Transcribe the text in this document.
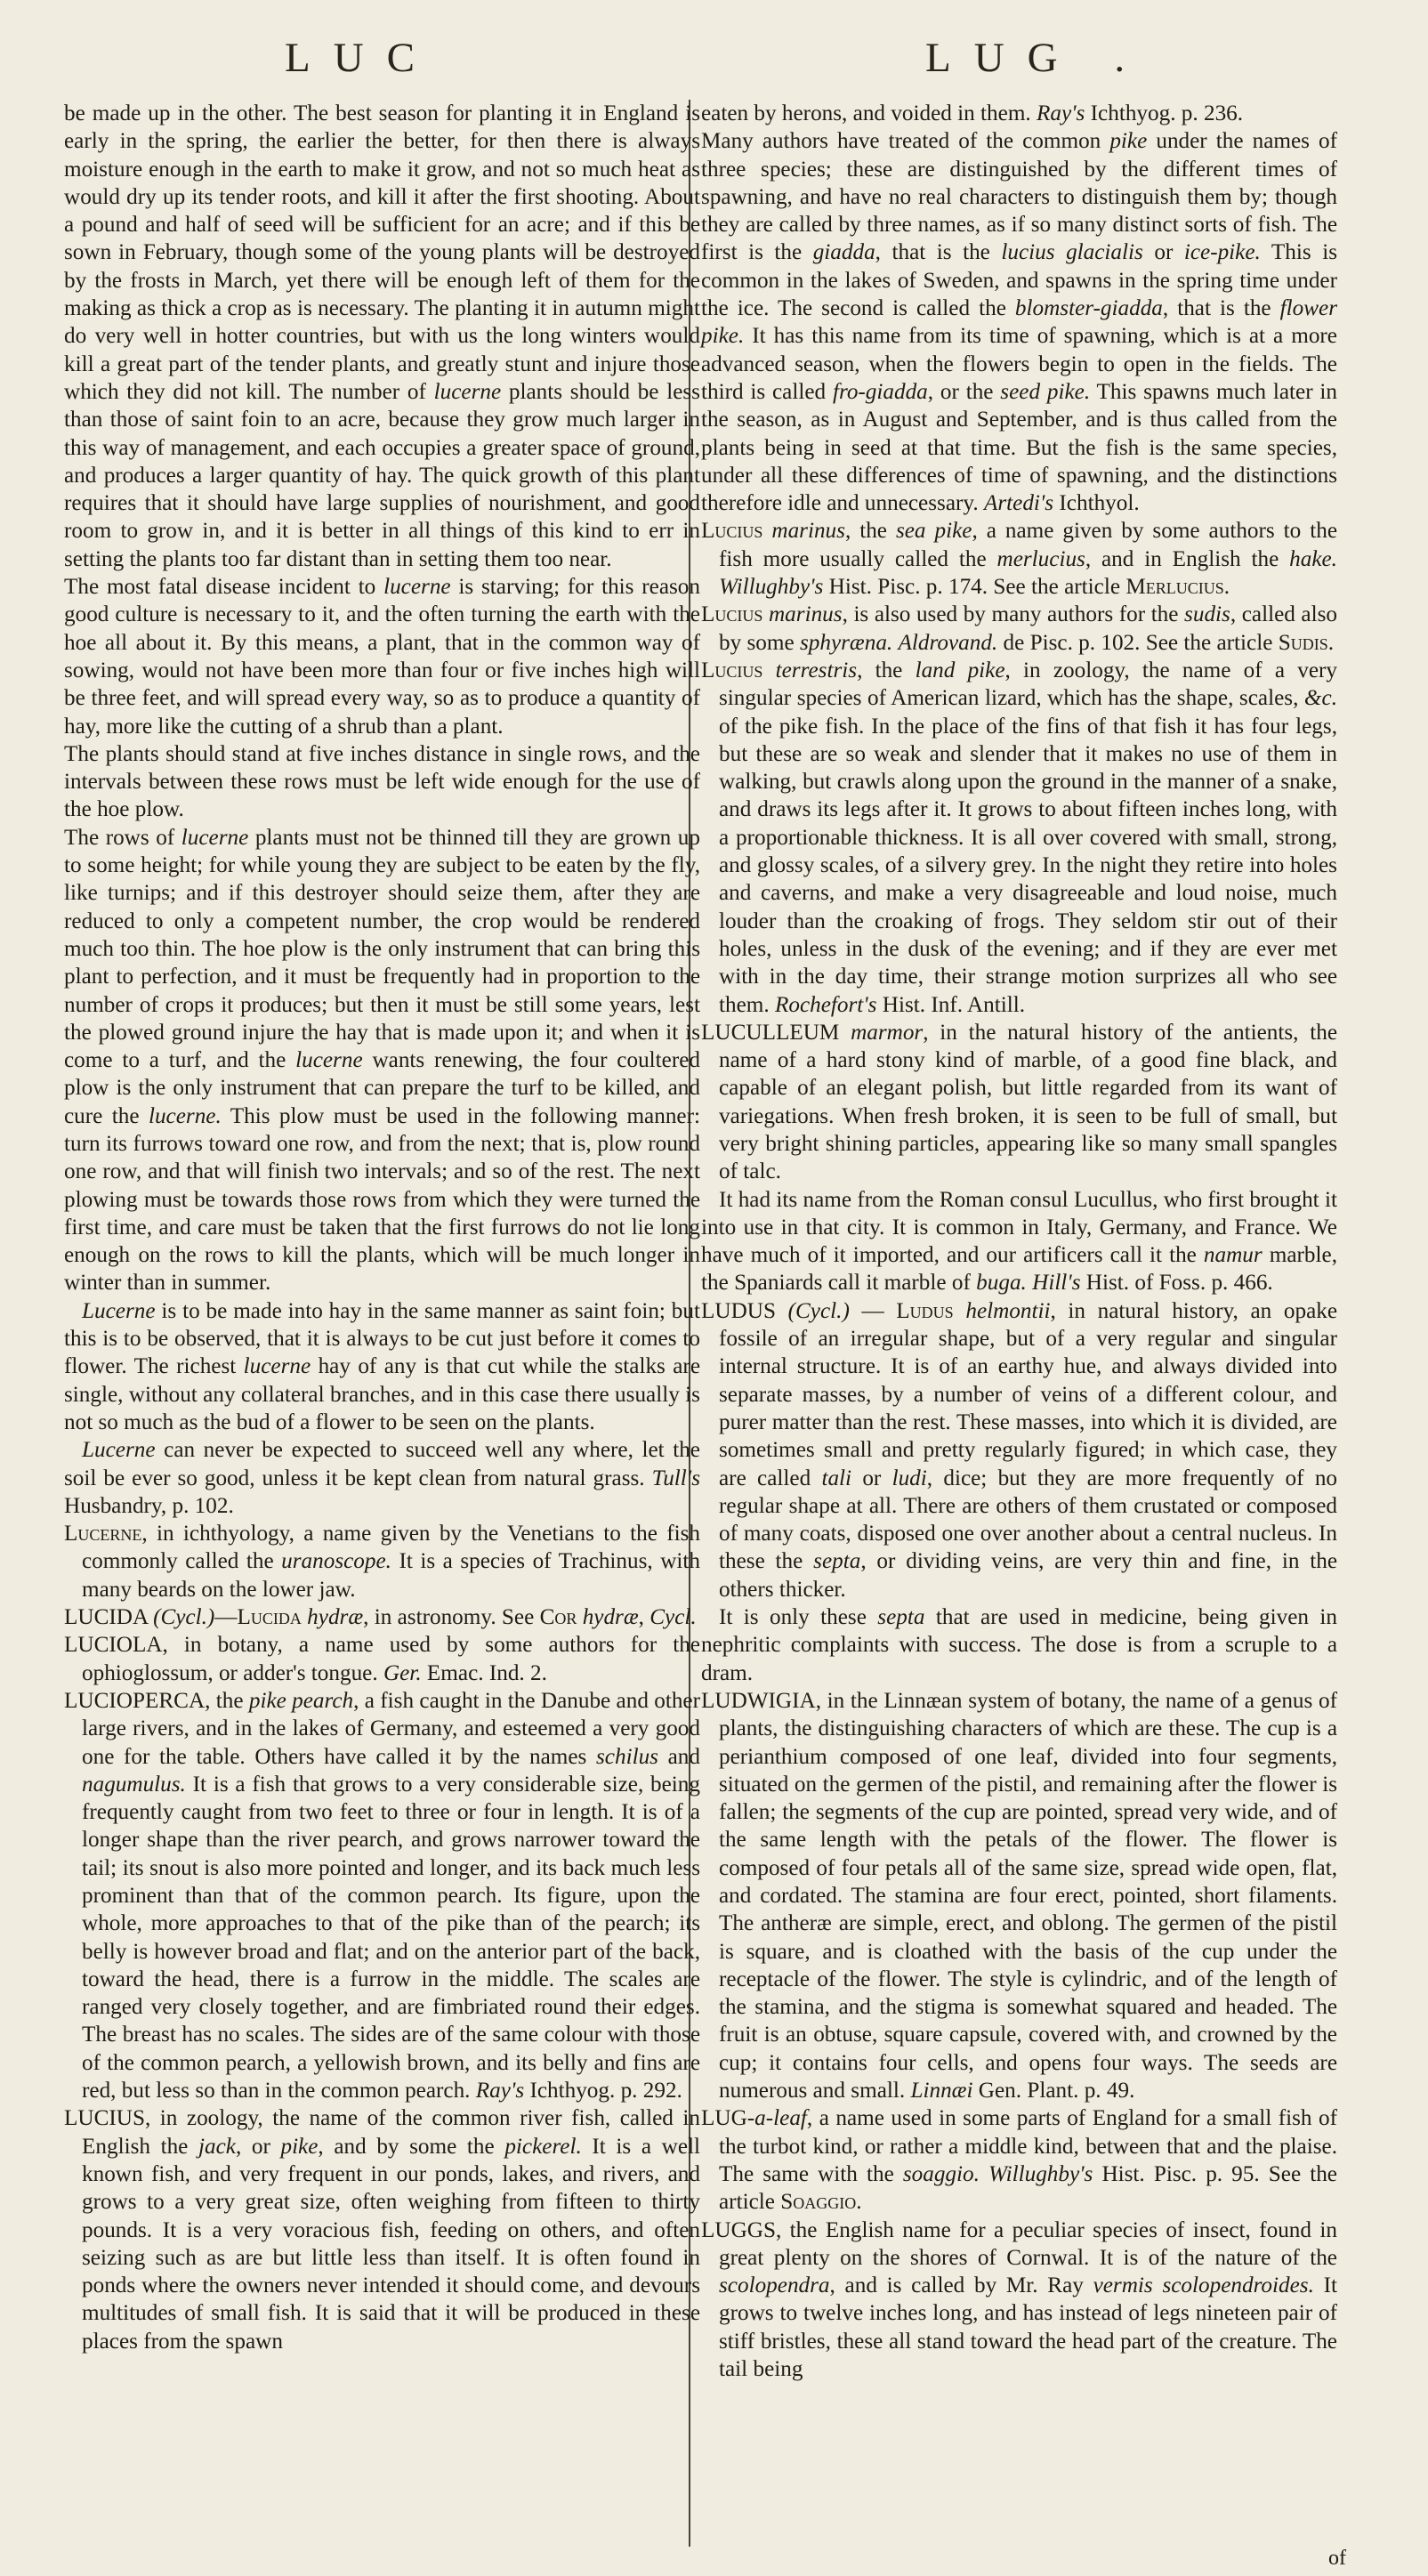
LUC	LUG .

be made up in the other. The best season for planting it in England is early in the spring, the earlier the better, for then there is always moisture enough in the earth to make it grow, and not so much heat as would dry up its tender roots, and kill it after the first shooting. About a pound and half of seed will be sufficient for an acre; and if this be sown in February, though some of the young plants will be destroyed by the frosts in March, yet there will be enough left of them for the making as thick a crop as is necessary. The planting it in autumn might do very well in hotter countries, but with us the long winters would kill a great part of the tender plants, and greatly stunt and injure those which they did not kill. The number of lucerne plants should be less than those of saint foin to an acre, because they grow much larger in this way of management, and each occupies a greater space of ground, and produces a larger quantity of hay. The quick growth of this plant requires that it should have large supplies of nourishment, and good room to grow in, and it is better in all things of this kind to err in setting the plants too far distant than in setting them too near.

The most fatal disease incident to lucerne is starving; for this reason good culture is necessary to it, and the often turning the earth with the hoe all about it. By this means, a plant, that in the common way of sowing, would not have been more than four or five inches high will be three feet, and will spread every way, so as to produce a quantity of hay, more like the cutting of a shrub than a plant.

The plants should stand at five inches distance in single rows, and the intervals between these rows must be left wide enough for the use of the hoe plow.

The rows of lucerne plants must not be thinned till they are grown up to some height; for while young they are subject to be eaten by the fly, like turnips; and if this destroyer should seize them, after they are reduced to only a competent number, the crop would be rendered much too thin. The hoe plow is the only instrument that can bring this plant to perfection, and it must be frequently had in proportion to the number of crops it produces; but then it must be still some years, lest the plowed ground injure the hay that is made upon it; and when it is come to a turf, and the lucerne wants renewing, the four coultered plow is the only instrument that can prepare the turf to be killed, and cure the lucerne. This plow must be used in the following manner: turn its furrows toward one row, and from the next; that is, plow round one row, and that will finish two intervals; and so of the rest. The next plowing must be towards those rows from which they were turned the first time, and care must be taken that the first furrows do not lie long enough on the rows to kill the plants, which will be much longer in winter than in summer.

Lucerne is to be made into hay in the same manner as saint foin; but this is to be observed, that it is always to be cut just before it comes to flower. The richest lucerne hay of any is that cut while the stalks are single, without any collateral branches, and in this case there usually is not so much as the bud of a flower to be seen on the plants.

Lucerne can never be expected to succeed well any where, let the soil be ever so good, unless it be kept clean from natural grass. Tull's Husbandry, p. 102.

Lucerne, in ichthyology, a name given by the Venetians to the fish commonly called the uranoscope. It is a species of Trachinus, with many beards on the lower jaw.

LUCIDA (Cycl.)—Lucida hydræ, in astronomy. See Cor hydræ, Cycl.

LUCIOLA, in botany, a name used by some authors for the ophioglossum, or adder's tongue. Ger. Emac. Ind. 2.

LUCIOPERCA, the pike pearch, a fish caught in the Danube and other large rivers, and in the lakes of Germany, and esteemed a very good one for the table. Others have called it by the names schilus and nagumulus. It is a fish that grows to a very considerable size, being frequently caught from two feet to three or four in length. It is of a longer shape than the river pearch, and grows narrower toward the tail; its snout is also more pointed and longer, and its back much less prominent than that of the common pearch. Its figure, upon the whole, more approaches to that of the pike than of the pearch; its belly is however broad and flat; and on the anterior part of the back, toward the head, there is a furrow in the middle. The scales are ranged very closely together, and are fimbriated round their edges. The breast has no scales. The sides are of the same colour with those of the common pearch, a yellowish brown, and its belly and fins are red, but less so than in the common pearch. Ray's Ichthyog. p. 292.

LUCIUS, in zoology, the name of the common river fish, called in English the jack, or pike, and by some the pickerel. It is a well known fish, and very frequent in our ponds, lakes, and rivers, and grows to a very great size, often weighing from fifteen to thirty pounds. It is a very voracious fish, feeding on others, and often seizing such as are but little less than itself. It is often found in ponds where the owners never intended it should come, and devours multitudes of small fish. It is said that it will be produced in these places from the spawn

eaten by herons, and voided in them. Ray's Ichthyog. p. 236.

Many authors have treated of the common pike under the names of three species; these are distinguished by the different times of spawning, and have no real characters to distinguish them by; though they are called by three names, as if so many distinct sorts of fish. The first is the giadda, that is the lucius glacialis or ice-pike. This is common in the lakes of Sweden, and spawns in the spring time under the ice. The second is called the blomster-giadda, that is the flower pike. It has this name from its time of spawning, which is at a more advanced season, when the flowers begin to open in the fields. The third is called fro-giadda, or the seed pike. This spawns much later in the season, as in August and September, and is thus called from the plants being in seed at that time. But the fish is the same species, under all these differences of time of spawning, and the distinctions therefore idle and unnecessary. Artedi's Ichthyol.

Lucius marinus, the sea pike, a name given by some authors to the fish more usually called the merlucius, and in English the hake. Willughby's Hist. Pisc. p. 174. See the article Merlucius.

Lucius marinus, is also used by many authors for the sudis, called also by some sphyræna. Aldrovand. de Pisc. p. 102. See the article Sudis.

Lucius terrestris, the land pike, in zoology, the name of a very singular species of American lizard, which has the shape, scales, &c. of the pike fish. In the place of the fins of that fish it has four legs, but these are so weak and slender that it makes no use of them in walking, but crawls along upon the ground in the manner of a snake, and draws its legs after it. It grows to about fifteen inches long, with a proportionable thickness. It is all over covered with small, strong, and glossy scales, of a silvery grey. In the night they retire into holes and caverns, and make a very disagreeable and loud noise, much louder than the croaking of frogs. They seldom stir out of their holes, unless in the dusk of the evening; and if they are ever met with in the day time, their strange motion surprizes all who see them. Rochefort's Hist. Inf. Antill.

LUCULLEUM marmor, in the natural history of the antients, the name of a hard stony kind of marble, of a good fine black, and capable of an elegant polish, but little regarded from its want of variegations. When fresh broken, it is seen to be full of small, but very bright shining particles, appearing like so many small spangles of talc.

It had its name from the Roman consul Lucullus, who first brought it into use in that city. It is common in Italy, Germany, and France. We have much of it imported, and our artificers call it the namur marble, the Spaniards call it marble of buga. Hill's Hist. of Foss. p. 466.

LUDUS (Cycl.) — Ludus helmontii, in natural history, an opake fossile of an irregular shape, but of a very regular and singular internal structure. It is of an earthy hue, and always divided into separate masses, by a number of veins of a different colour, and purer matter than the rest. These masses, into which it is divided, are sometimes small and pretty regularly figured; in which case, they are called tali or ludi, dice; but they are more frequently of no regular shape at all. There are others of them crustated or composed of many coats, disposed one over another about a central nucleus. In these the septa, or dividing veins, are very thin and fine, in the others thicker.

It is only these septa that are used in medicine, being given in nephritic complaints with success. The dose is from a scruple to a dram.

LUDWIGIA, in the Linnæan system of botany, the name of a genus of plants, the distinguishing characters of which are these. The cup is a perianthium composed of one leaf, divided into four segments, situated on the germen of the pistil, and remaining after the flower is fallen; the segments of the cup are pointed, spread very wide, and of the same length with the petals of the flower. The flower is composed of four petals all of the same size, spread wide open, flat, and cordated. The stamina are four erect, pointed, short filaments. The antheræ are simple, erect, and oblong. The germen of the pistil is square, and is cloathed with the basis of the cup under the receptacle of the flower. The style is cylindric, and of the length of the stamina, and the stigma is somewhat squared and headed. The fruit is an obtuse, square capsule, covered with, and crowned by the cup; it contains four cells, and opens four ways. The seeds are numerous and small. Linnæi Gen. Plant. p. 49.

LUG-a-leaf, a name used in some parts of England for a small fish of the turbot kind, or rather a middle kind, between that and the plaise. The same with the soaggio. Willughby's Hist. Pisc. p. 95. See the article Soaggio.

LUGGS, the English name for a peculiar species of insect, found in great plenty on the shores of Cornwal. It is of the nature of the scolopendra, and is called by Mr. Ray vermis scolopendroides. It grows to twelve inches long, and has instead of legs nineteen pair of stiff bristles, these all stand toward the head part of the creature. The tail being

of
